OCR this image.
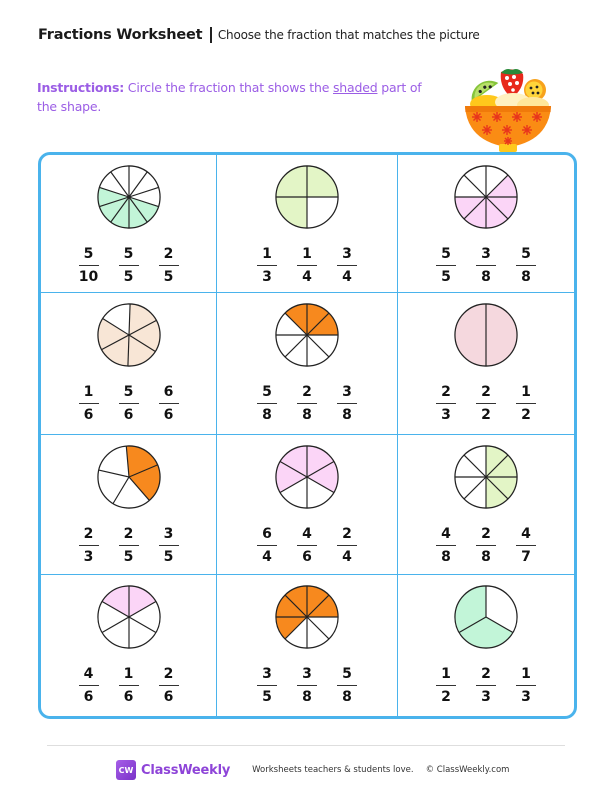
Fractions Worksheet Choose the fraction that matches the picture
Instructions: Circle the fraction that shows the shaded part of the shape.
$\frac{5}{10} \frac{5}{5} \frac{2}{5}$	$\frac{1}{3} \frac{1}{4} \frac{3}{4}$	$\frac{5}{5} \frac{3}{8} \frac{5}{8}$
$\frac{1}{6} \frac{5}{6} \frac{6}{6}$	$\frac{5}{8} \frac{2}{8} \frac{3}{8}$	$\frac{2}{3} \frac{2}{2} \frac{1}{2}$
$\frac{2}{3} \frac{2}{5} \frac{3}{5}$	$\frac{6}{4} \frac{4}{6} \frac{2}{4}$	$\frac{4}{8} \frac{2}{8} \frac{4}{7}$
$\frac{4}{6} \frac{1}{6} \frac{2}{6}$	$\frac{3}{5} \frac{3}{8} \frac{5}{8}$	$\frac{1}{2} \frac{2}{3} \frac{1}{3}$
CW ClassWeekly	Worksheets teachers & students love. © ClassWeekly.com
